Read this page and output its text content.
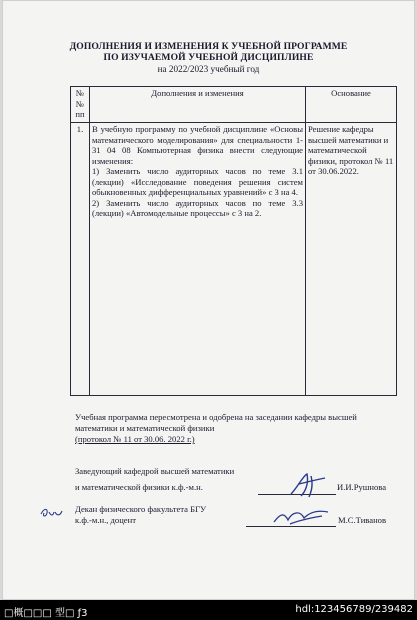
ДОПОЛНЕНИЯ И ИЗМЕНЕНИЯ К УЧЕБНОЙ ПРОГРАММЕ
ПО ИЗУЧАЕМОЙ УЧЕБНОЙ ДИСЦИПЛИНЕ
на 2022/2023 учебный год
№ № пп	Дополнения и изменения	Основание
1.	В учебную программу по учебной дисциплине «Основы математического моделирования» для специальности 1-31 04 08 Компьютерная физика внести следующие изменения:

1) Заменить число аудиторных часов по теме 3.1 (лекции) «Исследование поведения решения систем обыкновенных дифференциальных уравнений» с 3 на 4.

2) Заменить число аудиторных часов по теме 3.3 (лекции) «Автомодельные процессы» с 3 на 2.	Решение кафедры высшей математики и математической физики, протокол № 11 от 30.06.2022.
Учебная программа пересмотрена и одобрена на заседании кафедры высшей математики и математической физики
(протокол № 11 от 30.06. 2022 г.)
Заведующий кафедрой высшей математики
и математической физики к.ф.-м.н.	И.И.Рушнова
Декан физического факультета БГУ
к.ф.-м.н., доцент	М.С.Тиванов
□概□□□ 型□ ƒ3	hdl:123456789/239482
